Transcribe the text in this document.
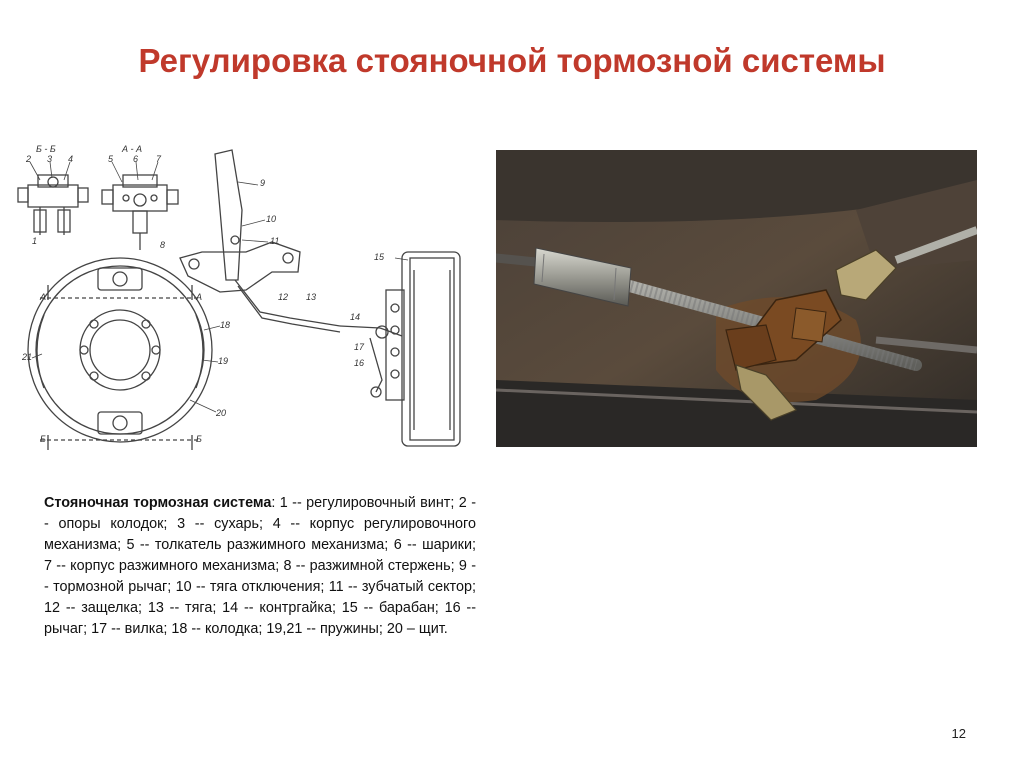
Регулировка стояночной тормозной системы
Б - Б	А - А
2 3 4	5 6 7
1	8
9
10
11
12 13
14
15
16
17
18
19
20
21
А	А
Б	Б

Стояночная тормозная система: 1 -- регулировочный винт; 2 -- опоры колодок; 3 -- сухарь; 4 -- корпус регулировочного механизма; 5 -- толкатель разжимного механизма; 6 -- шарики; 7 -- корпус разжимного механизма; 8 -- разжимной стержень; 9 -- тормозной рычаг; 10 -- тяга отключения; 11 -- зубчатый сектор; 12 -- защелка; 13 -- тяга; 14 -- контргайка; 15 -- барабан; 16 -- рычаг; 17 -- вилка; 18 -- колодка; 19,21 -- пружины; 20 – щит.

12
